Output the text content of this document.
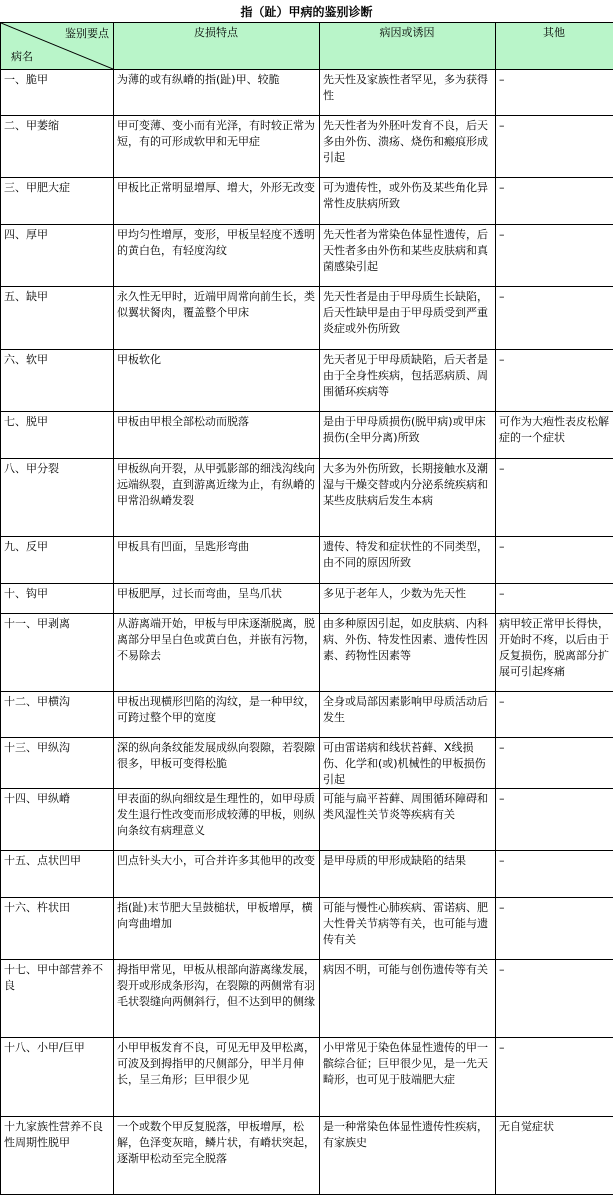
指（趾）甲病的鉴别诊断
鉴别要点
病名	皮损特点	病因或诱因	其他
一、脆甲	为薄的或有纵嵴的指(趾)甲、较脆	先天性及家族性者罕见，多为获得性	–
二、甲萎缩	甲可变薄、变小而有光泽，有时较正常为短，有的可形成软甲和无甲症	先天性者为外胚叶发育不良，后天多由外伤、溃疡、烧伤和瘢痕形成引起	–
三、甲肥大症	甲板比正常明显增厚、增大，外形无改变	可为遗传性，或外伤及某些角化异常性皮肤病所致	–
四、厚甲	甲均匀性增厚，变形，甲板呈轻度不透明的黄白色，有轻度沟纹	先天性者为常染色体显性遗传，后天性者多由外伤和某些皮肤病和真菌感染引起	–
五、缺甲	永久性无甲时，近端甲周常向前生长，类似翼状胬肉，覆盖整个甲床	先天性者是由于甲母质生长缺陷，后天性缺甲是由于甲母质受到严重炎症或外伤所致	–
六、软甲	甲板软化	先天者见于甲母质缺陷，后天者是由于全身性疾病，包括恶病质、周围循环疾病等	–
七、脱甲	甲板由甲根全部松动而脱落	是由于甲母质损伤(脱甲病)或甲床损伤(全甲分离)所致	可作为大疱性表皮松解症的一个症状
八、甲分裂	甲板纵向开裂，从甲弧影部的细浅沟线向远端纵裂，直到游离近缘为止，有纵嵴的甲常沿纵嵴发裂	大多为外伤所致，长期接触水及潮湿与干燥交替或内分泌系统疾病和某些皮肤病后发生本病	–
九、反甲	甲板具有凹面，呈匙形弯曲	遗传、特发和症状性的不同类型，由不同的原因所致	–
十、钩甲	甲板肥厚，过长而弯曲，呈鸟爪状	多见于老年人，少数为先天性	–
十一、甲剥离	从游离端开始，甲板与甲床逐渐脱离，脱离部分甲呈白色或黄白色，并嵌有污物，不易除去	由多种原因引起，如皮肤病、内科病、外伤、特发性因素、遗传性因素、药物性因素等	病甲较正常甲长得快，开始时不疼，以后由于反复损伤，脱离部分扩展可引起疼痛
十二、甲横沟	甲板出现横形凹陷的沟纹，是一种甲纹，可跨过整个甲的宽度	全身或局部因素影响甲母质活动后发生	–
十三、甲纵沟	深的纵向条纹能发展成纵向裂隙，若裂隙很多，甲板可变得松脆	可由雷诺病和线状苔藓、X线损伤、化学和(或)机械性的甲板损伤引起	–
十四、甲纵嵴	甲表面的纵向细纹是生理性的，如甲母质发生退行性改变而形成较薄的甲板，则纵向条纹有病理意义	可能与扁平苔藓、周围循环障碍和类风湿性关节炎等疾病有关	–
十五、点状凹甲	凹点针头大小，可合并许多其他甲的改变	是甲母质的甲形成缺陷的结果	–
十六、杵状田	指(趾)末节肥大呈鼓槌状，甲板增厚，横向弯曲增加	可能与慢性心肺疾病、雷诺病、肥大性骨关节病等有关，也可能与遗传有关	–
十七、甲中部营养不良	拇指甲常见，甲板从根部向游离缘发展，裂开或形成条形沟，在裂隙的两侧常有羽毛状裂缝向两侧斜行，但不达到甲的侧缘	病因不明，可能与创伤遗传等有关	–
十八、小甲/巨甲	小甲甲板发育不良，可见无甲及甲松离，可波及到拇指甲的尺侧部分，甲半月伸长，呈三角形；巨甲很少见	小甲常见于染色体显性遗传的甲一髌综合征；巨甲很少见，是一先天畸形，也可见于肢端肥大症	–
十九家族性营养不良性周期性脱甲	一个或数个甲反复脱落，甲板增厚，松解，色泽变灰暗，鳞片状，有嵴状突起，逐渐甲松动至完全脱落	是一种常染色体显性遗传性疾病，有家族史	无自觉症状
